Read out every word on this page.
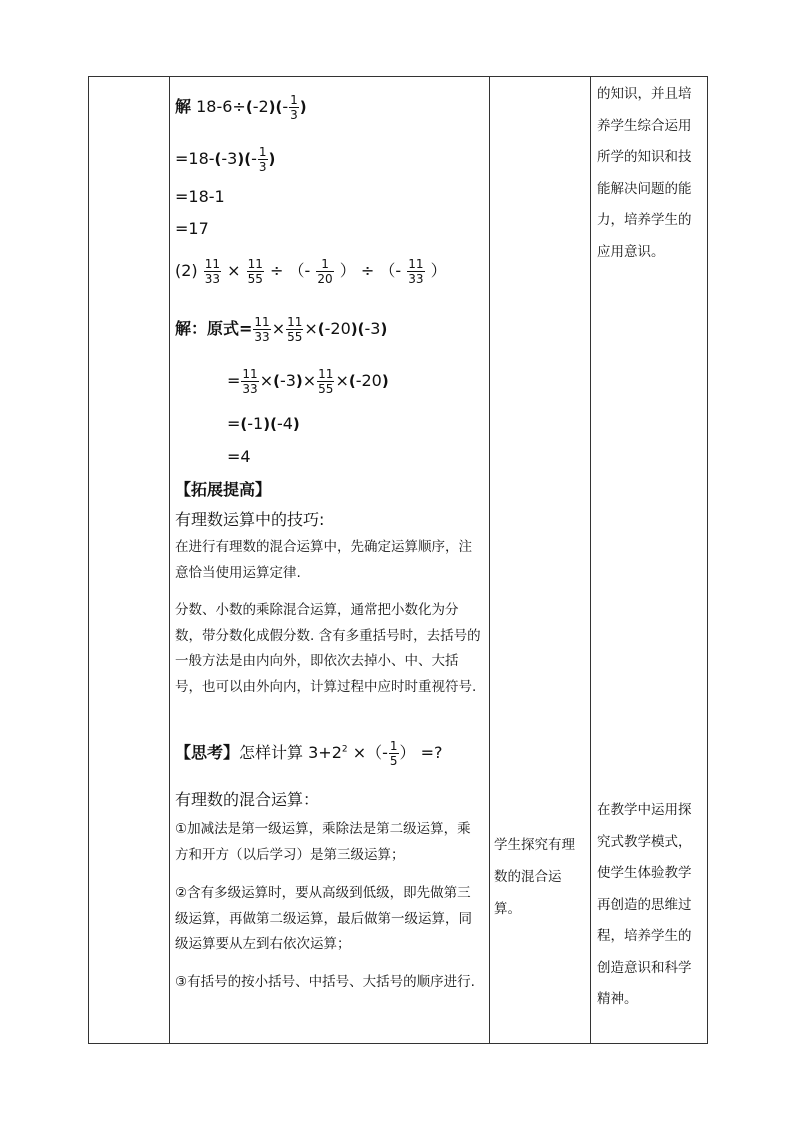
解 $18-6\div(-2)(- \frac{1}{3}$ )
$=18-(-3)(- \frac{1}{3}$ )
=18-1
=17
$(2) \frac{11}{33} \times \frac{11}{55}$ ÷ （- $\frac{1}{20}$ ） ÷ （- $\frac{11}{33}$ ）
解：原式= $\frac{11}{33} \times \frac{11}{55} \times(-20)(-3)$
= $\frac{11}{33} \times(-3)\times \frac{11}{55} \times(-20)$
=(-1)(-4)
=4
【拓展提高】
有理数运算中的技巧:
在进行有理数的混合运算中，先确定运算顺序，注意恰当使用运算定律.
分数、小数的乘除混合运算，通常把小数化为分数，带分数化成假分数. 含有多重括号时，去括号的一般方法是由内向外，即依次去掉小、中、大括号，也可以由外向内，计算过程中应时时重视符号.
【思考】怎样计算 $3+2^2$ ×（- $\frac{1}{5}$ ） =?
有理数的混合运算：
①加减法是第一级运算，乘除法是第二级运算，乘方和开方（以后学习）是第三级运算；
②含有多级运算时，要从高级到低级，即先做第三级运算，再做第二级运算，最后做第一级运算，同级运算要从左到右依次运算；
③有括号的按小括号、中括号、大括号的顺序进行.
学生探究有理数的混合运算。
的知识，并且培养学生综合运用所学的知识和技能解决问题的能力，培养学生的应用意识。
在教学中运用探究式教学模式，使学生体验教学再创造的思维过程，培养学生的创造意识和科学精神。
